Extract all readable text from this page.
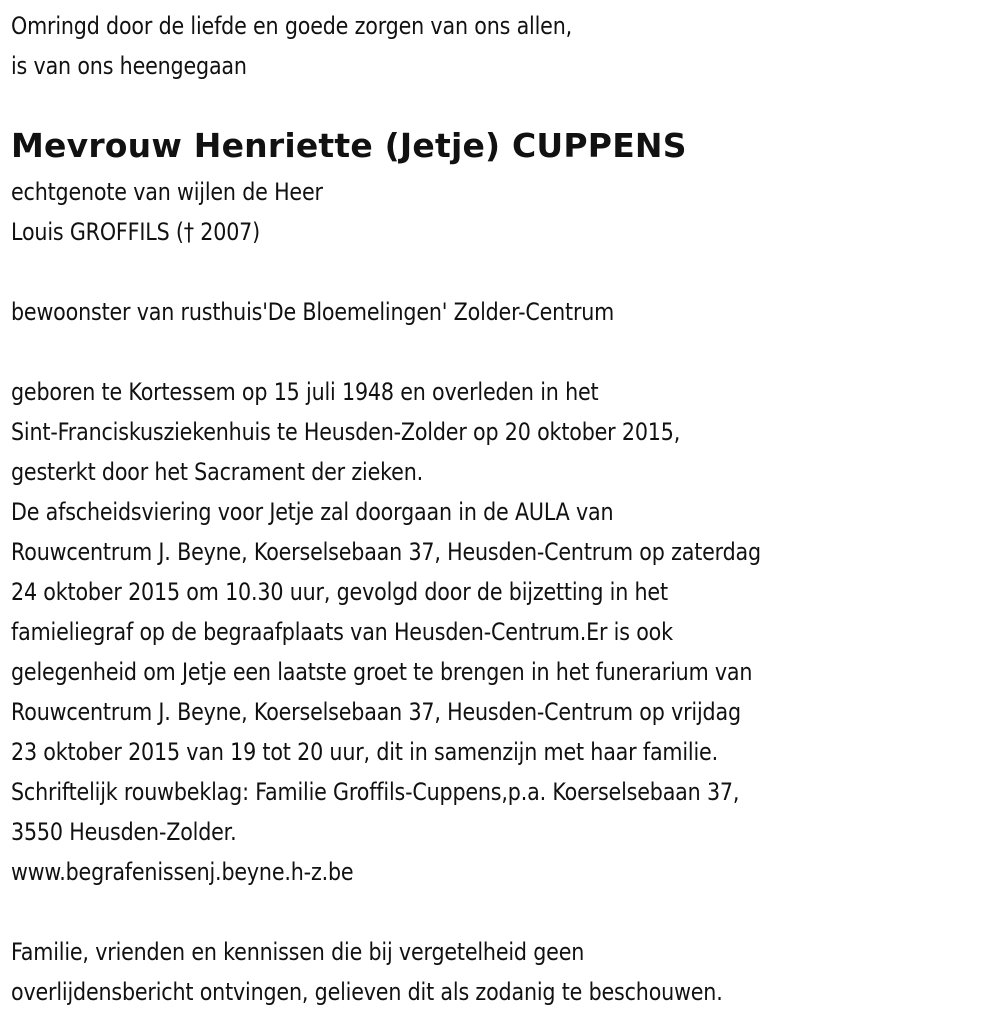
Omringd door de liefde en goede zorgen van ons allen,
is van ons heengegaan
Mevrouw Henriette (Jetje) CUPPENS
echtgenote van wijlen de Heer
Louis GROFFILS († 2007)
bewoonster van rusthuis'De Bloemelingen' Zolder-Centrum
geboren te Kortessem op 15 juli 1948 en overleden in het
Sint-Franciskusziekenhuis te Heusden-Zolder op 20 oktober 2015,
gesterkt door het Sacrament der zieken.
De afscheidsviering voor Jetje zal doorgaan in de AULA van
Rouwcentrum J. Beyne, Koerselsebaan 37, Heusden-Centrum op zaterdag
24 oktober 2015 om 10.30 uur, gevolgd door de bijzetting in het
famieliegraf op de begraafplaats van Heusden-Centrum.Er is ook
gelegenheid om Jetje een laatste groet te brengen in het funerarium van
Rouwcentrum J. Beyne, Koerselsebaan 37, Heusden-Centrum op vrijdag
23 oktober 2015 van 19 tot 20 uur, dit in samenzijn met haar familie.
Schriftelijk rouwbeklag: Familie Groffils-Cuppens,p.a. Koerselsebaan 37,
3550 Heusden-Zolder.
www.begrafenissenj.beyne.h-z.be
Familie, vrienden en kennissen die bij vergetelheid geen
overlijdensbericht ontvingen, gelieven dit als zodanig te beschouwen.
